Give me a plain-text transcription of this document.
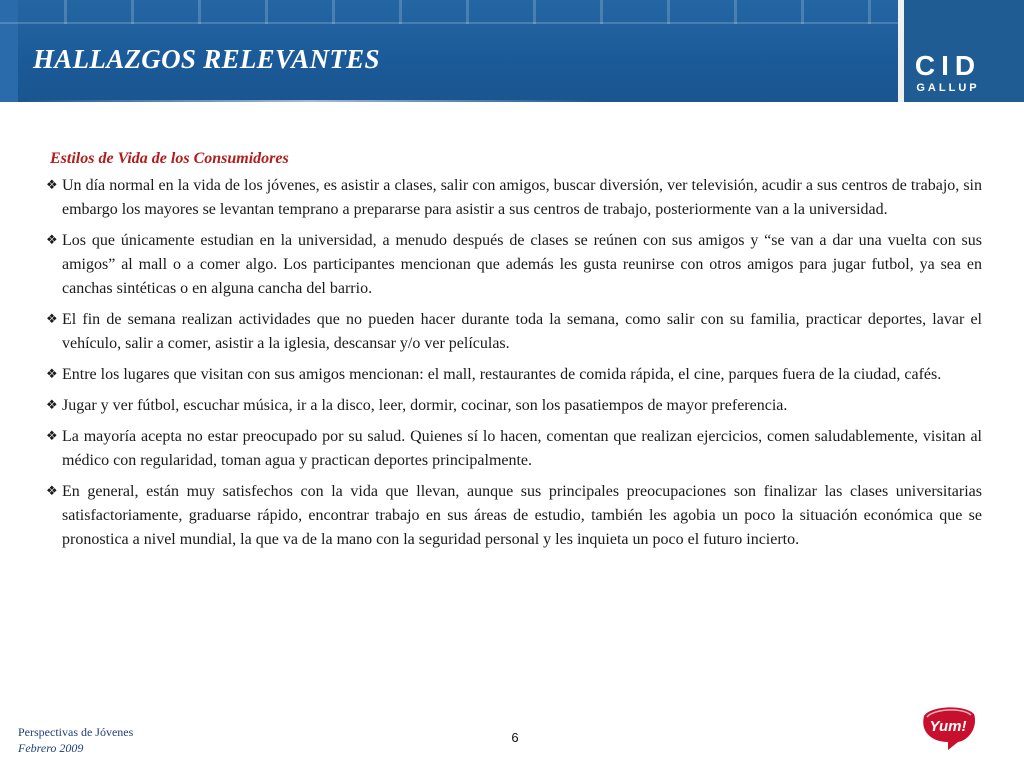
HALLAZGOS RELEVANTES	CID
GALLUP

Estilos de Vida de los Consumidores

❖ Un día normal en la vida de los jóvenes, es asistir a clases, salir con amigos, buscar diversión, ver televisión, acudir a sus centros de trabajo, sin embargo los mayores se levantan temprano a prepararse para asistir a sus centros de trabajo, posteriormente van a la universidad.
❖ Los que únicamente estudian en la universidad, a menudo después de clases se reúnen con sus amigos y “se van a dar una vuelta con sus amigos” al mall o a comer algo. Los participantes mencionan que además les gusta reunirse con otros amigos para jugar futbol, ya sea en canchas sintéticas o en alguna cancha del barrio.
❖ El fin de semana realizan actividades que no pueden hacer durante toda la semana, como salir con su familia, practicar deportes, lavar el vehículo, salir a comer, asistir a la iglesia, descansar y/o ver películas.
❖ Entre los lugares que visitan con sus amigos mencionan: el mall, restaurantes de comida rápida, el cine, parques fuera de la ciudad, cafés.
❖ Jugar y ver fútbol, escuchar música, ir a la disco, leer, dormir, cocinar, son los pasatiempos de mayor preferencia.
❖ La mayoría acepta no estar preocupado por su salud. Quienes sí lo hacen, comentan que realizan ejercicios, comen saludablemente, visitan al médico con regularidad, toman agua y practican deportes principalmente.
❖ En general, están muy satisfechos con la vida que llevan, aunque sus principales preocupaciones son finalizar las clases universitarias satisfactoriamente, graduarse rápido, encontrar trabajo en sus áreas de estudio, también les agobia un poco la situación económica que se pronostica a nivel mundial, la que va de la mano con la seguridad personal y les inquieta un poco el futuro incierto.
Perspectivas de Jóvenes
Febrero 2009
6
Yum!
